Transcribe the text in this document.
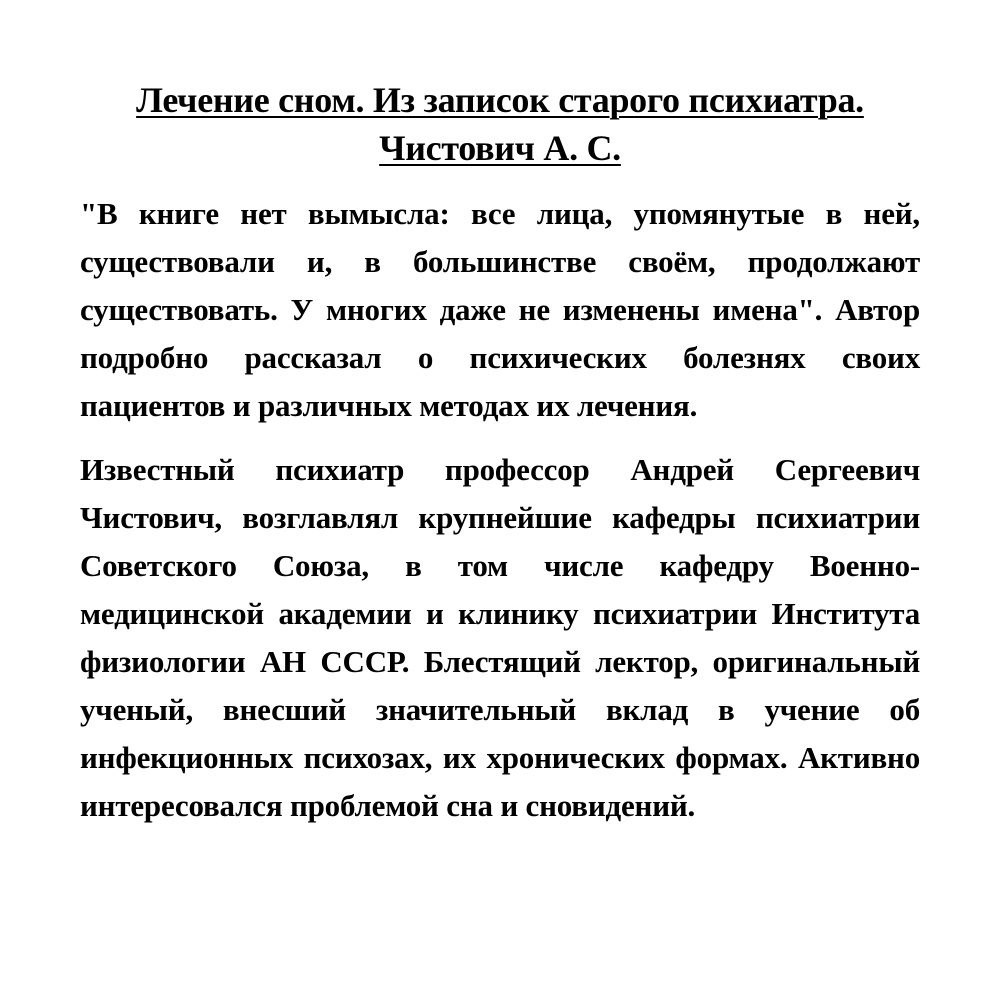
Лечение сном. Из записок старого психиатра.
Чистович А. С.

"В книге нет вымысла: все лица, упомянутые в ней, существовали и, в большинстве своём, продолжают существовать. У многих даже не изменены имена". Автор подробно рассказал о психических болезнях своих пациентов и различных методах их лечения.

Известный психиатр профессор Андрей Сергеевич Чистович, возглавлял крупнейшие кафедры психиатрии Советского Союза, в том числе кафедру Военно-медицинской академии и клинику психиатрии Института физиологии АН СССР. Блестящий лектор, оригинальный ученый, внесший значительный вклад в учение об инфекционных психозах, их хронических формах. Активно интересовался проблемой сна и сновидений.
